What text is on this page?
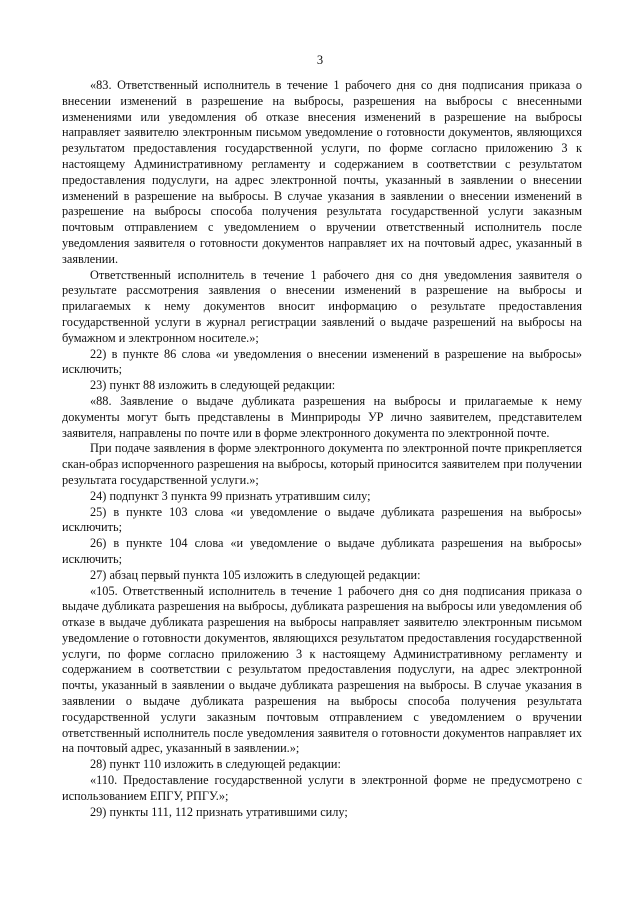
3

«83. Ответственный исполнитель в течение 1 рабочего дня со дня подписания приказа о внесении изменений в разрешение на выбросы, разрешения на выбросы с внесенными изменениями или уведомления об отказе внесения изменений в разрешение на выбросы направляет заявителю электронным письмом уведомление о готовности документов, являющихся результатом предоставления государственной услуги, по форме согласно приложению 3 к настоящему Административному регламенту и содержанием в соответствии с результатом предоставления подуслуги, на адрес электронной почты, указанный в заявлении о внесении изменений в разрешение на выбросы. В случае указания в заявлении о внесении изменений в разрешение на выбросы способа получения результата государственной услуги заказным почтовым отправлением с уведомлением о вручении ответственный исполнитель после уведомления заявителя о готовности документов направляет их на почтовый адрес, указанный в заявлении.

Ответственный исполнитель в течение 1 рабочего дня со дня уведомления заявителя о результате рассмотрения заявления о внесении изменений в разрешение на выбросы и прилагаемых к нему документов вносит информацию о результате предоставления государственной услуги в журнал регистрации заявлений о выдаче разрешений на выбросы на бумажном и электронном носителе.»;

22) в пункте 86 слова «и уведомления о внесении изменений в разрешение на выбросы» исключить;

23) пункт 88 изложить в следующей редакции:

«88. Заявление о выдаче дубликата разрешения на выбросы и прилагаемые к нему документы могут быть представлены в Минприроды УР лично заявителем, представителем заявителя, направлены по почте или в форме электронного документа по электронной почте.

При подаче заявления в форме электронного документа по электронной почте прикрепляется скан-образ испорченного разрешения на выбросы, который приносится заявителем при получении результата государственной услуги.»;

24) подпункт 3 пункта 99 признать утратившим силу;

25) в пункте 103 слова «и уведомление о выдаче дубликата разрешения на выбросы» исключить;

26) в пункте 104 слова «и уведомление о выдаче дубликата разрешения на выбросы» исключить;

27) абзац первый пункта 105 изложить в следующей редакции:

«105. Ответственный исполнитель в течение 1 рабочего дня со дня подписания приказа о выдаче дубликата разрешения на выбросы, дубликата разрешения на выбросы или уведомления об отказе в выдаче дубликата разрешения на выбросы направляет заявителю электронным письмом уведомление о готовности документов, являющихся результатом предоставления государственной услуги, по форме согласно приложению 3 к настоящему Административному регламенту и содержанием в соответствии с результатом предоставления подуслуги, на адрес электронной почты, указанный в заявлении о выдаче дубликата разрешения на выбросы. В случае указания в заявлении о выдаче дубликата разрешения на выбросы способа получения результата государственной услуги заказным почтовым отправлением с уведомлением о вручении ответственный исполнитель после уведомления заявителя о готовности документов направляет их на почтовый адрес, указанный в заявлении.»;

28) пункт 110 изложить в следующей редакции:

«110. Предоставление государственной услуги в электронной форме не предусмотрено с использованием ЕПГУ, РПГУ.»;

29) пункты 111, 112 признать утратившими силу;
